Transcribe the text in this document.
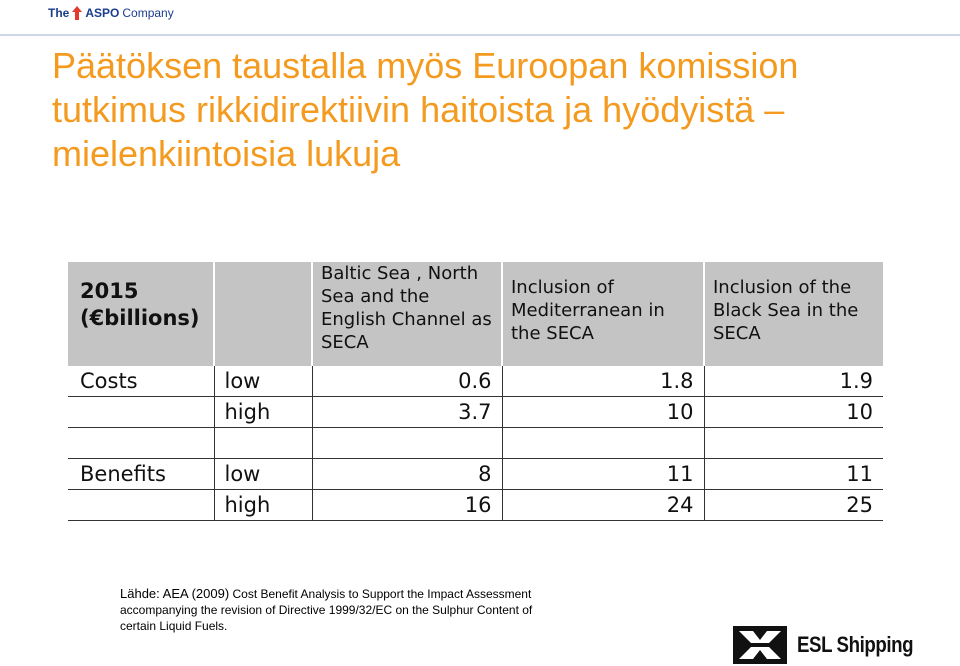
The ASPO Company
Päätöksen taustalla myös Euroopan komission
tutkimus rikkidirektiivin haitoista ja hyödyistä –
mielenkiintoisia lukuja
2015
(€billions)		Baltic Sea , North Sea and the English Channel as SECA	Inclusion of Mediterranean in the SECA	Inclusion of the Black Sea in the SECA
Costs	low	0.6	1.8	1.9
	high	3.7	10	10

Benefits	low	8	11	11
	high	16	24	25
Lähde: AEA (2009) Cost Benefit Analysis to Support the Impact Assessment accompanying the revision of Directive 1999/32/EC on the Sulphur Content of certain Liquid Fuels.
ESL Shipping
